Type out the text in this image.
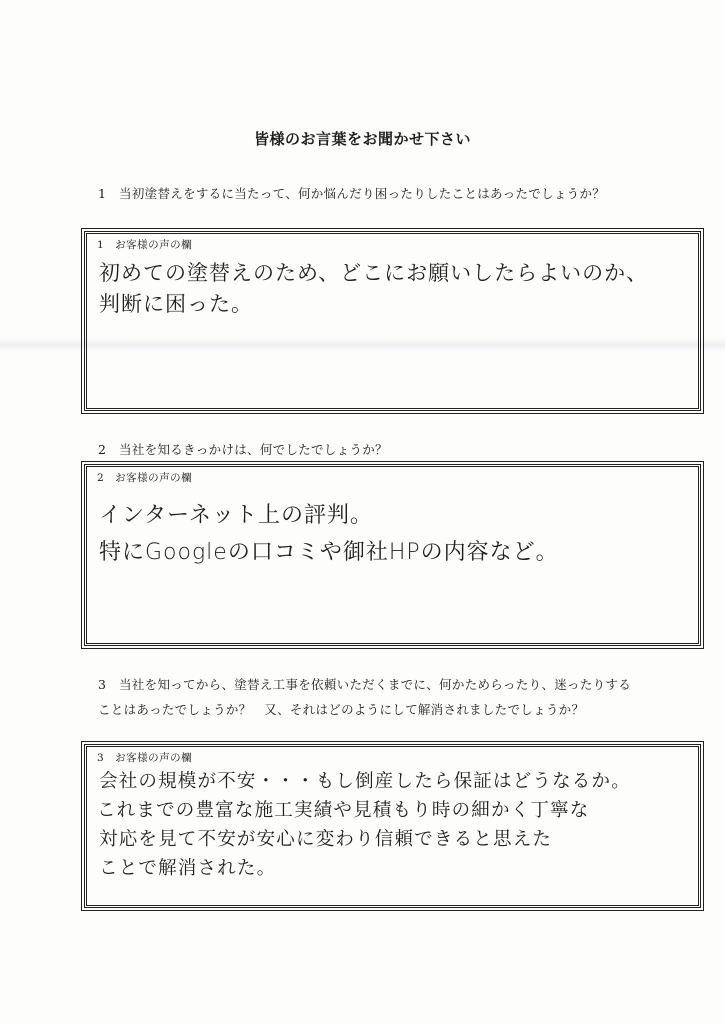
皆様のお言葉をお聞かせ下さい
1　当初塗替えをするに当たって、何か悩んだり困ったりしたことはあったでしょうか？
1　お客様の声の欄
初めての塗替えのため、どこにお願いしたらよいのか、
判断に困った。
2　当社を知るきっかけは、何でしたでしょうか？
2　お客様の声の欄
インターネット上の評判。
特にGoogleの口コミや御社HPの内容など。
3　当社を知ってから、塗替え工事を依頼いただくまでに、何かためらったり、迷ったりすることはあったでしょうか？　又、それはどのようにして解消されましたでしょうか？
3　お客様の声の欄
会社の規模が不安・・・もし倒産したら保証はどうなるか。
これまでの豊富な施工実績や見積もり時の細かく丁寧な
対応を見て不安が安心に変わり信頼できると思えた
ことで解消された。
